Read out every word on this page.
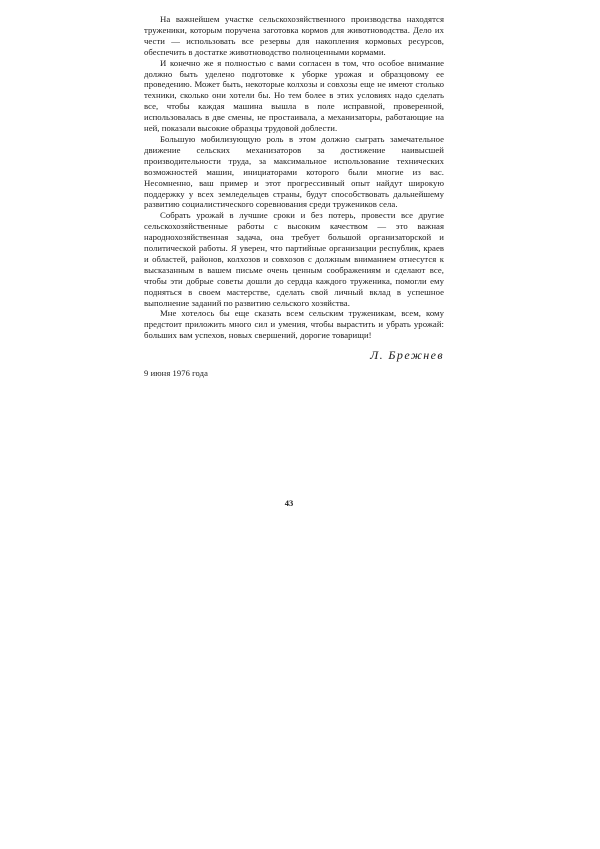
На важнейшем участке сельскохозяйственного производства находятся труженики, которым поручена заготовка кормов для животноводства. Дело их чести — использовать все резервы для накопления кормовых ресурсов, обеспечить в достатке животноводство полноценными кормами.

И конечно же я полностью с вами согласен в том, что особое внимание должно быть уделено подготовке к уборке урожая и образцовому ее проведению. Может быть, некоторые колхозы и совхозы еще не имеют столько техники, сколько они хотели бы. Но тем более в этих условиях надо сделать все, чтобы каждая машина вышла в поле исправной, проверенной, использовалась в две смены, не простаивала, а механизаторы, работающие на ней, показали высокие образцы трудовой доблести.

Большую мобилизующую роль в этом должно сыграть замечательное движение сельских механизаторов за достижение наивысшей производительности труда, за максимальное использование технических возможностей машин, инициаторами которого были многие из вас. Несомненно, ваш пример и этот прогрессивный опыт найдут широкую поддержку у всех земледельцев страны, будут способствовать дальнейшему развитию социалистического соревнования среди тружеников села.

Собрать урожай в лучшие сроки и без потерь, провести все другие сельскохозяйственные работы с высоким качеством — это важная народнохозяйственная задача, она требует большой организаторской и политической работы. Я уверен, что партийные организации республик, краев и областей, районов, колхозов и совхозов с должным вниманием отнесутся к высказанным в вашем письме очень ценным соображениям и сделают все, чтобы эти добрые советы дошли до сердца каждого труженика, помогли ему подняться в своем мастерстве, сделать свой личный вклад в успешное выполнение заданий по развитию сельского хозяйства.

Мне хотелось бы еще сказать всем сельским труженикам, всем, кому предстоит приложить много сил и умения, чтобы вырастить и убрать урожай: больших вам успехов, новых свершений, дорогие товарищи!

Л. Брежнев
9 июня 1976 года
43
